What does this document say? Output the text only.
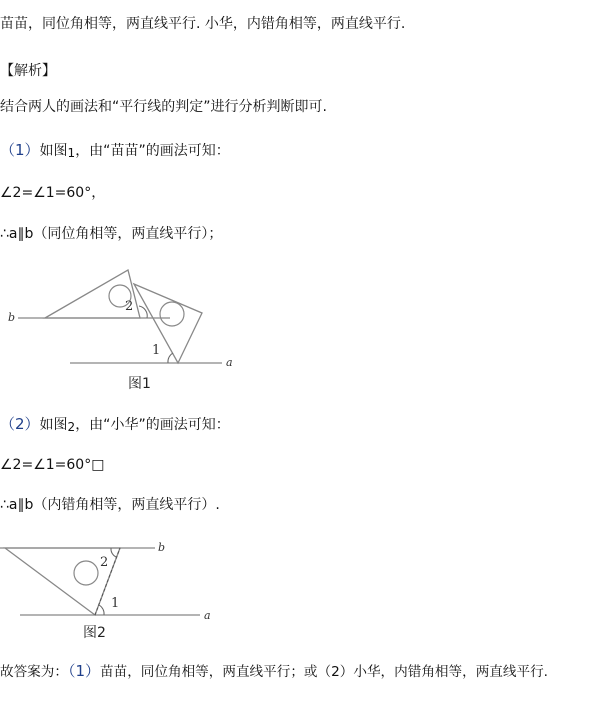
苗苗，同位角相等，两直线平行. 小华，内错角相等，两直线平行.
【解析】
结合两人的画法和“平行线的判定”进行分析判断即可.
（1）如图1，由“苗苗”的画法可知：
∠2=∠1=60°，
∴a∥b（同位角相等，两直线平行）；
b
a
2
1
图1
（2）如图2，由“小华”的画法可知：
∠2=∠1=60°□
∴a∥b（内错角相等，两直线平行）.
b
a
2
1
图2
故答案为：（1）苗苗，同位角相等，两直线平行；或（2）小华，内错角相等，两直线平行.
